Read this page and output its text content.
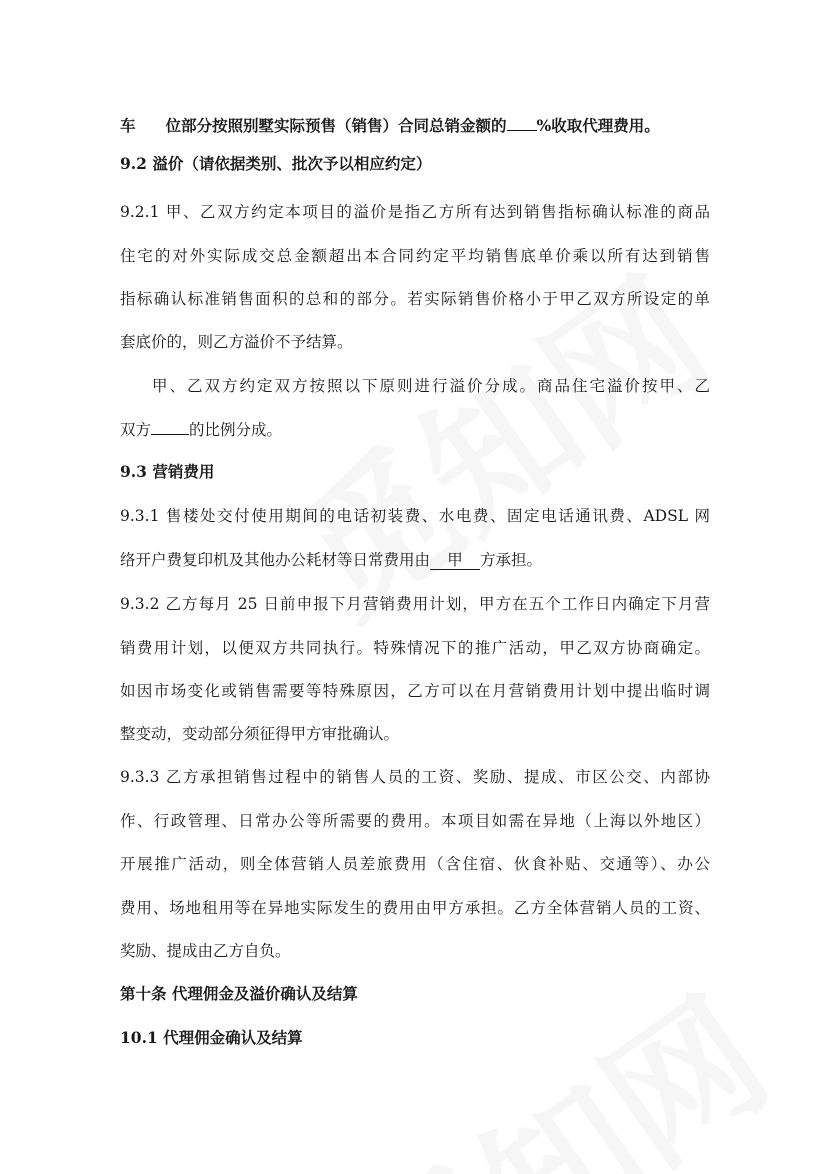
车 位部分按照别墅实际预售（销售）合同总销金额的 %收取代理费用。

9.2 溢价（请依据类别、批次予以相应约定）

9.2.1 甲、乙双方约定本项目的溢价是指乙方所有达到销售指标确认标准的商品

住宅的对外实际成交总金额超出本合同约定平均销售底单价乘以所有达到销售

指标确认标准销售面积的总和的部分。若实际销售价格小于甲乙双方所设定的单

套底价的，则乙方溢价不予结算。

甲、乙双方约定双方按照以下原则进行溢价分成。商品住宅溢价按甲、乙

双方 的比例分成。

9.3 营销费用

9.3.1 售楼处交付使用期间的电话初装费、水电费、固定电话通讯费、ADSL 网

络开户费复印机及其他办公耗材等日常费用由 甲 方承担。

9.3.2 乙方每月 25 日前申报下月营销费用计划，甲方在五个工作日内确定下月营

销费用计划，以便双方共同执行。特殊情况下的推广活动，甲乙双方协商确定。

如因市场变化或销售需要等特殊原因，乙方可以在月营销费用计划中提出临时调

整变动，变动部分须征得甲方审批确认。

9.3.3 乙方承担销售过程中的销售人员的工资、奖励、提成、市区公交、内部协

作、行政管理、日常办公等所需要的费用。本项目如需在异地（上海以外地区）

开展推广活动，则全体营销人员差旅费用（含住宿、伙食补贴、交通等）、办公

费用、场地租用等在异地实际发生的费用由甲方承担。乙方全体营销人员的工资、

奖励、提成由乙方自负。

第十条 代理佣金及溢价确认及结算

10.1 代理佣金确认及结算
